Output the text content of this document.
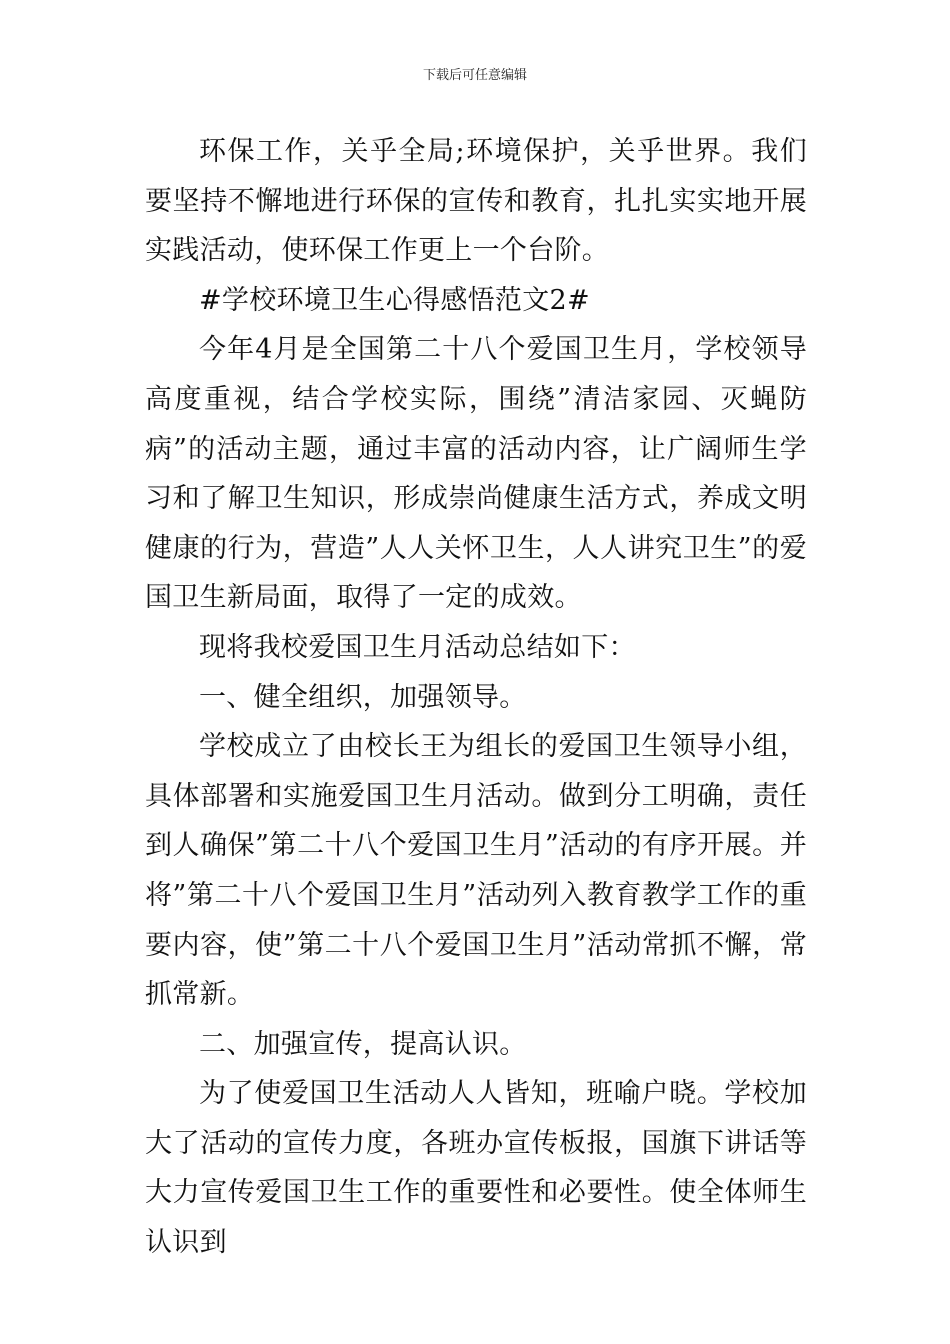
下载后可任意编辑

环保工作，关乎全局;环境保护，关乎世界。我们要坚持不懈地进行环保的宣传和教育，扎扎实实地开展实践活动，使环保工作更上一个台阶。

#学校环境卫生心得感悟范文2#

今年4月是全国第二十八个爱国卫生月，学校领导高度重视，结合学校实际，围绕”清洁家园、灭蝇防病”的活动主题，通过丰富的活动内容，让广阔师生学习和了解卫生知识，形成崇尚健康生活方式，养成文明健康的行为，营造”人人关怀卫生，人人讲究卫生”的爱国卫生新局面，取得了一定的成效。

现将我校爱国卫生月活动总结如下：

一、健全组织，加强领导。

学校成立了由校长王为组长的爱国卫生领导小组，具体部署和实施爱国卫生月活动。做到分工明确，责任到人确保”第二十八个爱国卫生月”活动的有序开展。并将”第二十八个爱国卫生月”活动列入教育教学工作的重要内容，使”第二十八个爱国卫生月”活动常抓不懈，常抓常新。

二、加强宣传，提高认识。

为了使爱国卫生活动人人皆知，班喻户晓。学校加大了活动的宣传力度，各班办宣传板报，国旗下讲话等大力宣传爱国卫生工作的重要性和必要性。使全体师生认识到
